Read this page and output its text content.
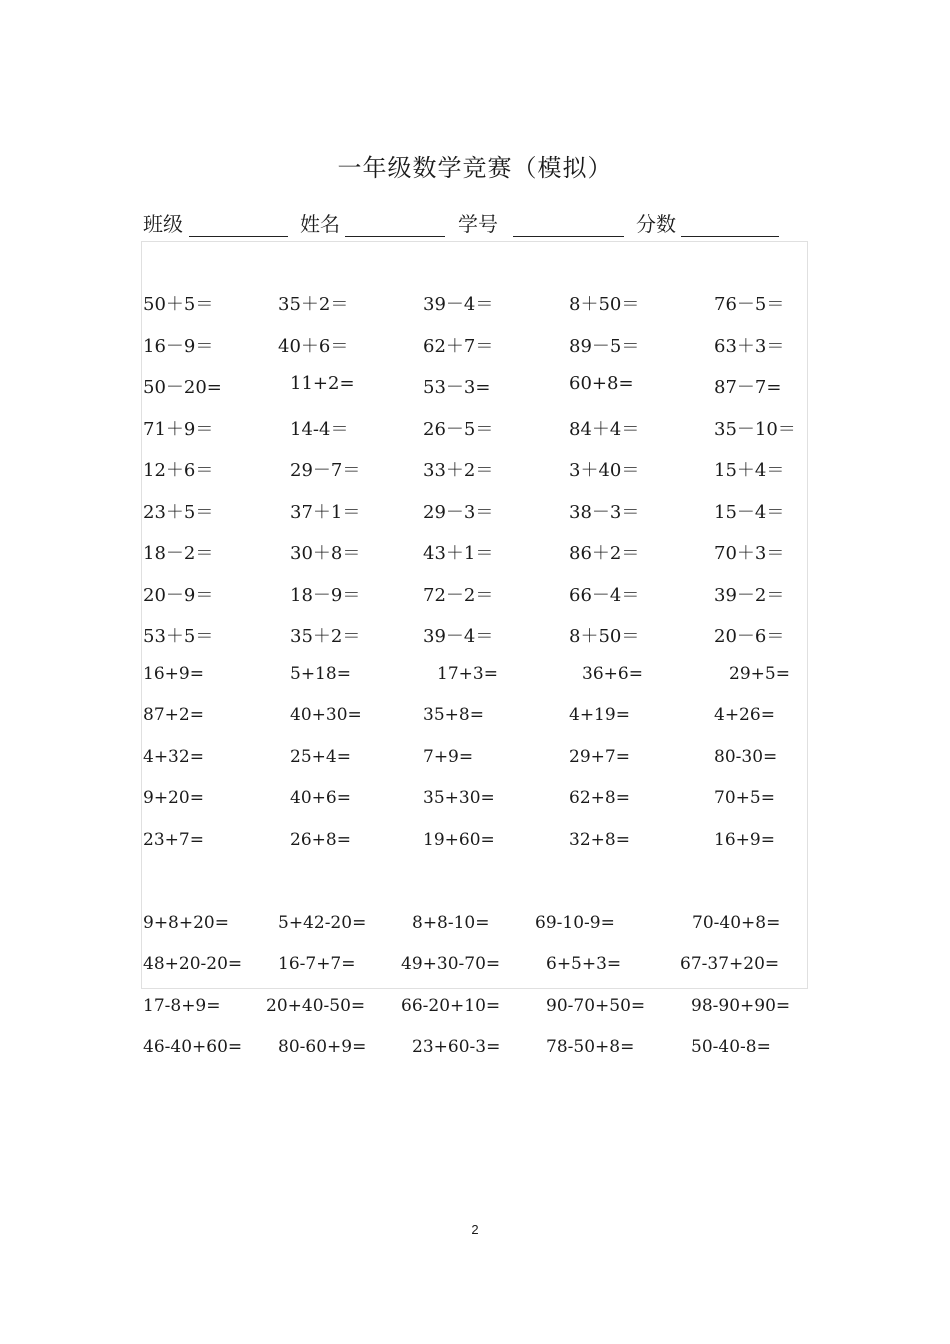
一年级数学竞赛（模拟）
班级	姓名	学号	分数
50＋5＝	35＋2＝	39－4＝	8＋50＝	76－5＝
16－9＝	40＋6＝	62＋7＝	89－5＝	63＋3＝
50－20=	11+2=	53－3=	60+8=	87－7=
71＋9＝	14-4＝	26－5＝	84＋4＝	35－10＝
12＋6＝	29－7＝	33＋2＝	3＋40＝	15＋4＝
23＋5＝	37＋1＝	29－3＝	38－3＝	15－4＝
18－2＝	30＋8＝	43＋1＝	86＋2＝	70＋3＝
20－9＝	18－9＝	72－2＝	66－4＝	39－2＝
53＋5＝	35＋2＝	39－4＝	8＋50＝	20－6＝
16+9=	5+18=	17+3=	36+6=	29+5=
87+2=	40+30=	35+8=	4+19=	4+26=
4+32=	25+4=	7+9=	29+7=	80-30=
9+20=	40+6=	35+30=	62+8=	70+5=
23+7=	26+8=	19+60=	32+8=	16+9=
9+8+20=	5+42-20=	8+8-10=	69-10-9=	70-40+8=
48+20-20= 16-7+7=	49+30-70=	6+5+3=	67-37+20=
17-8+9=	20+40-50= 66-20+10=	90-70+50=	98-90+90=
46-40+60= 80-60+9=	23+60-3=	78-50+8=	50-40-8=
2
